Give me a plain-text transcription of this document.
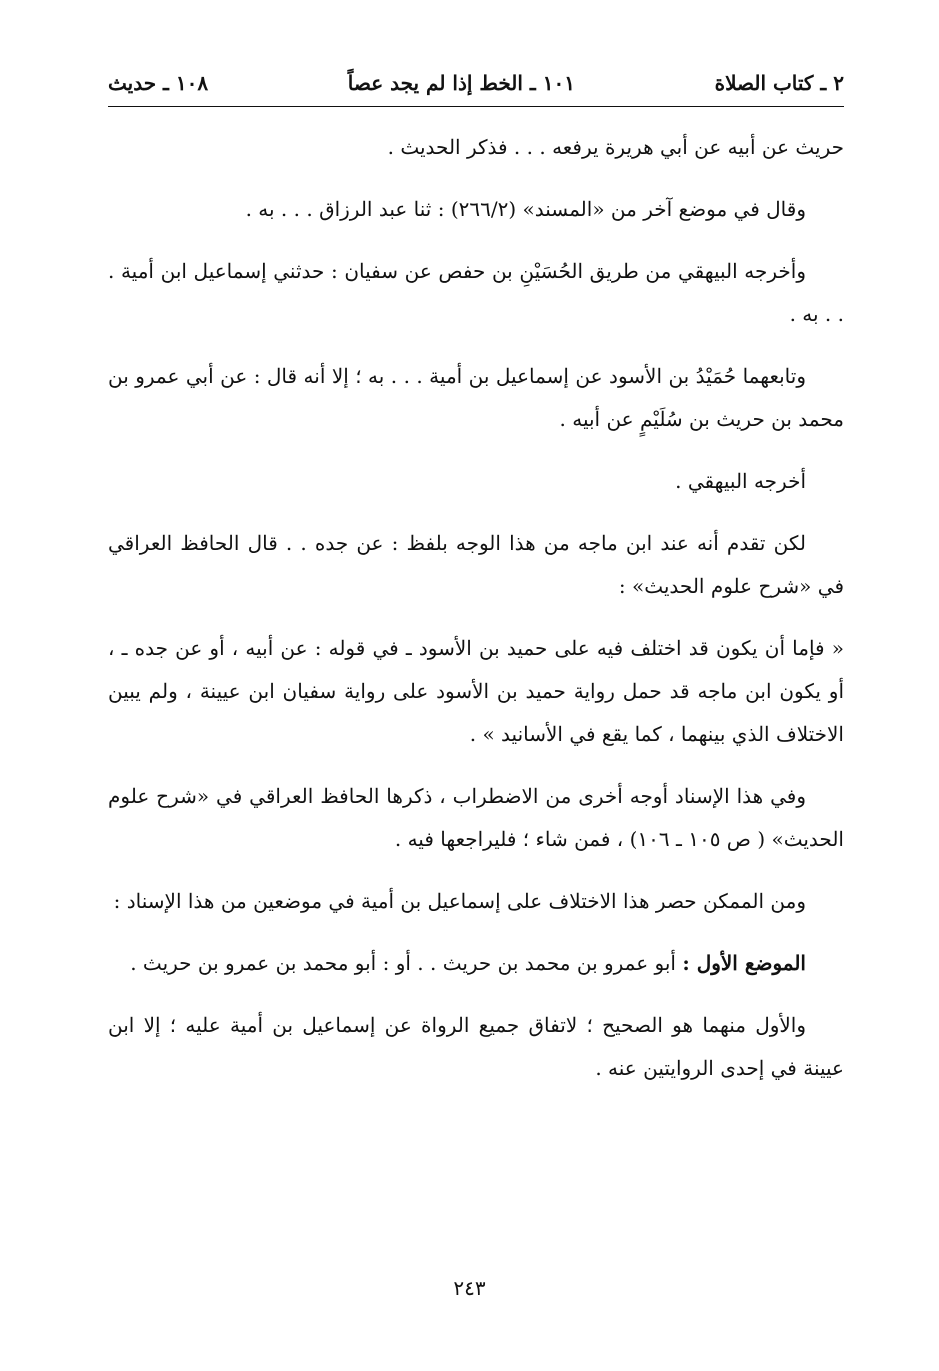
٢ ـ كتاب الصلاة
١٠١ ـ الخط إذا لم يجد عصاً
١٠٨ ـ حديث

حريث عن أبيه عن أبي هريرة يرفعه . . . فذكر الحديث .

وقال في موضع آخر من «المسند» (٢٦٦/٢) : ثنا عبد الرزاق . . . به .

وأخرجه البيهقي من طريق الحُسَيْنِ بن حفص عن سفيان : حدثني إسماعيل ابن أمية . . . به .

وتابعهما حُمَيْدُ بن الأسود عن إسماعيل بن أمية . . . به ؛ إلا أنه قال : عن أبي عمرو بن محمد بن حريث بن سُلَيْمٍ عن أبيه .

أخرجه البيهقي .

لكن تقدم أنه عند ابن ماجه من هذا الوجه بلفظ : عن جده . . قال الحافظ العراقي في «شرح علوم الحديث» :

« فإما أن يكون قد اختلف فيه على حميد بن الأسود ـ في قوله : عن أبيه ، أو عن جده ـ ، أو يكون ابن ماجه قد حمل رواية حميد بن الأسود على رواية سفيان ابن عيينة ، ولم يبين الاختلاف الذي بينهما ، كما يقع في الأسانيد » .

وفي هذا الإسناد أوجه أخرى من الاضطراب ، ذكرها الحافظ العراقي في «شرح علوم الحديث» ( ص ١٠٥ ـ ١٠٦) ، فمن شاء ؛ فليراجعها فيه .

ومن الممكن حصر هذا الاختلاف على إسماعيل بن أمية في موضعين من هذا الإسناد :

الموضع الأول : أبو عمرو بن محمد بن حريث . . أو : أبو محمد بن عمرو بن حريث .

والأول منهما هو الصحيح ؛ لاتفاق جميع الرواة عن إسماعيل بن أمية عليه ؛ إلا ابن عيينة في إحدى الروايتين عنه .

٢٤٣
